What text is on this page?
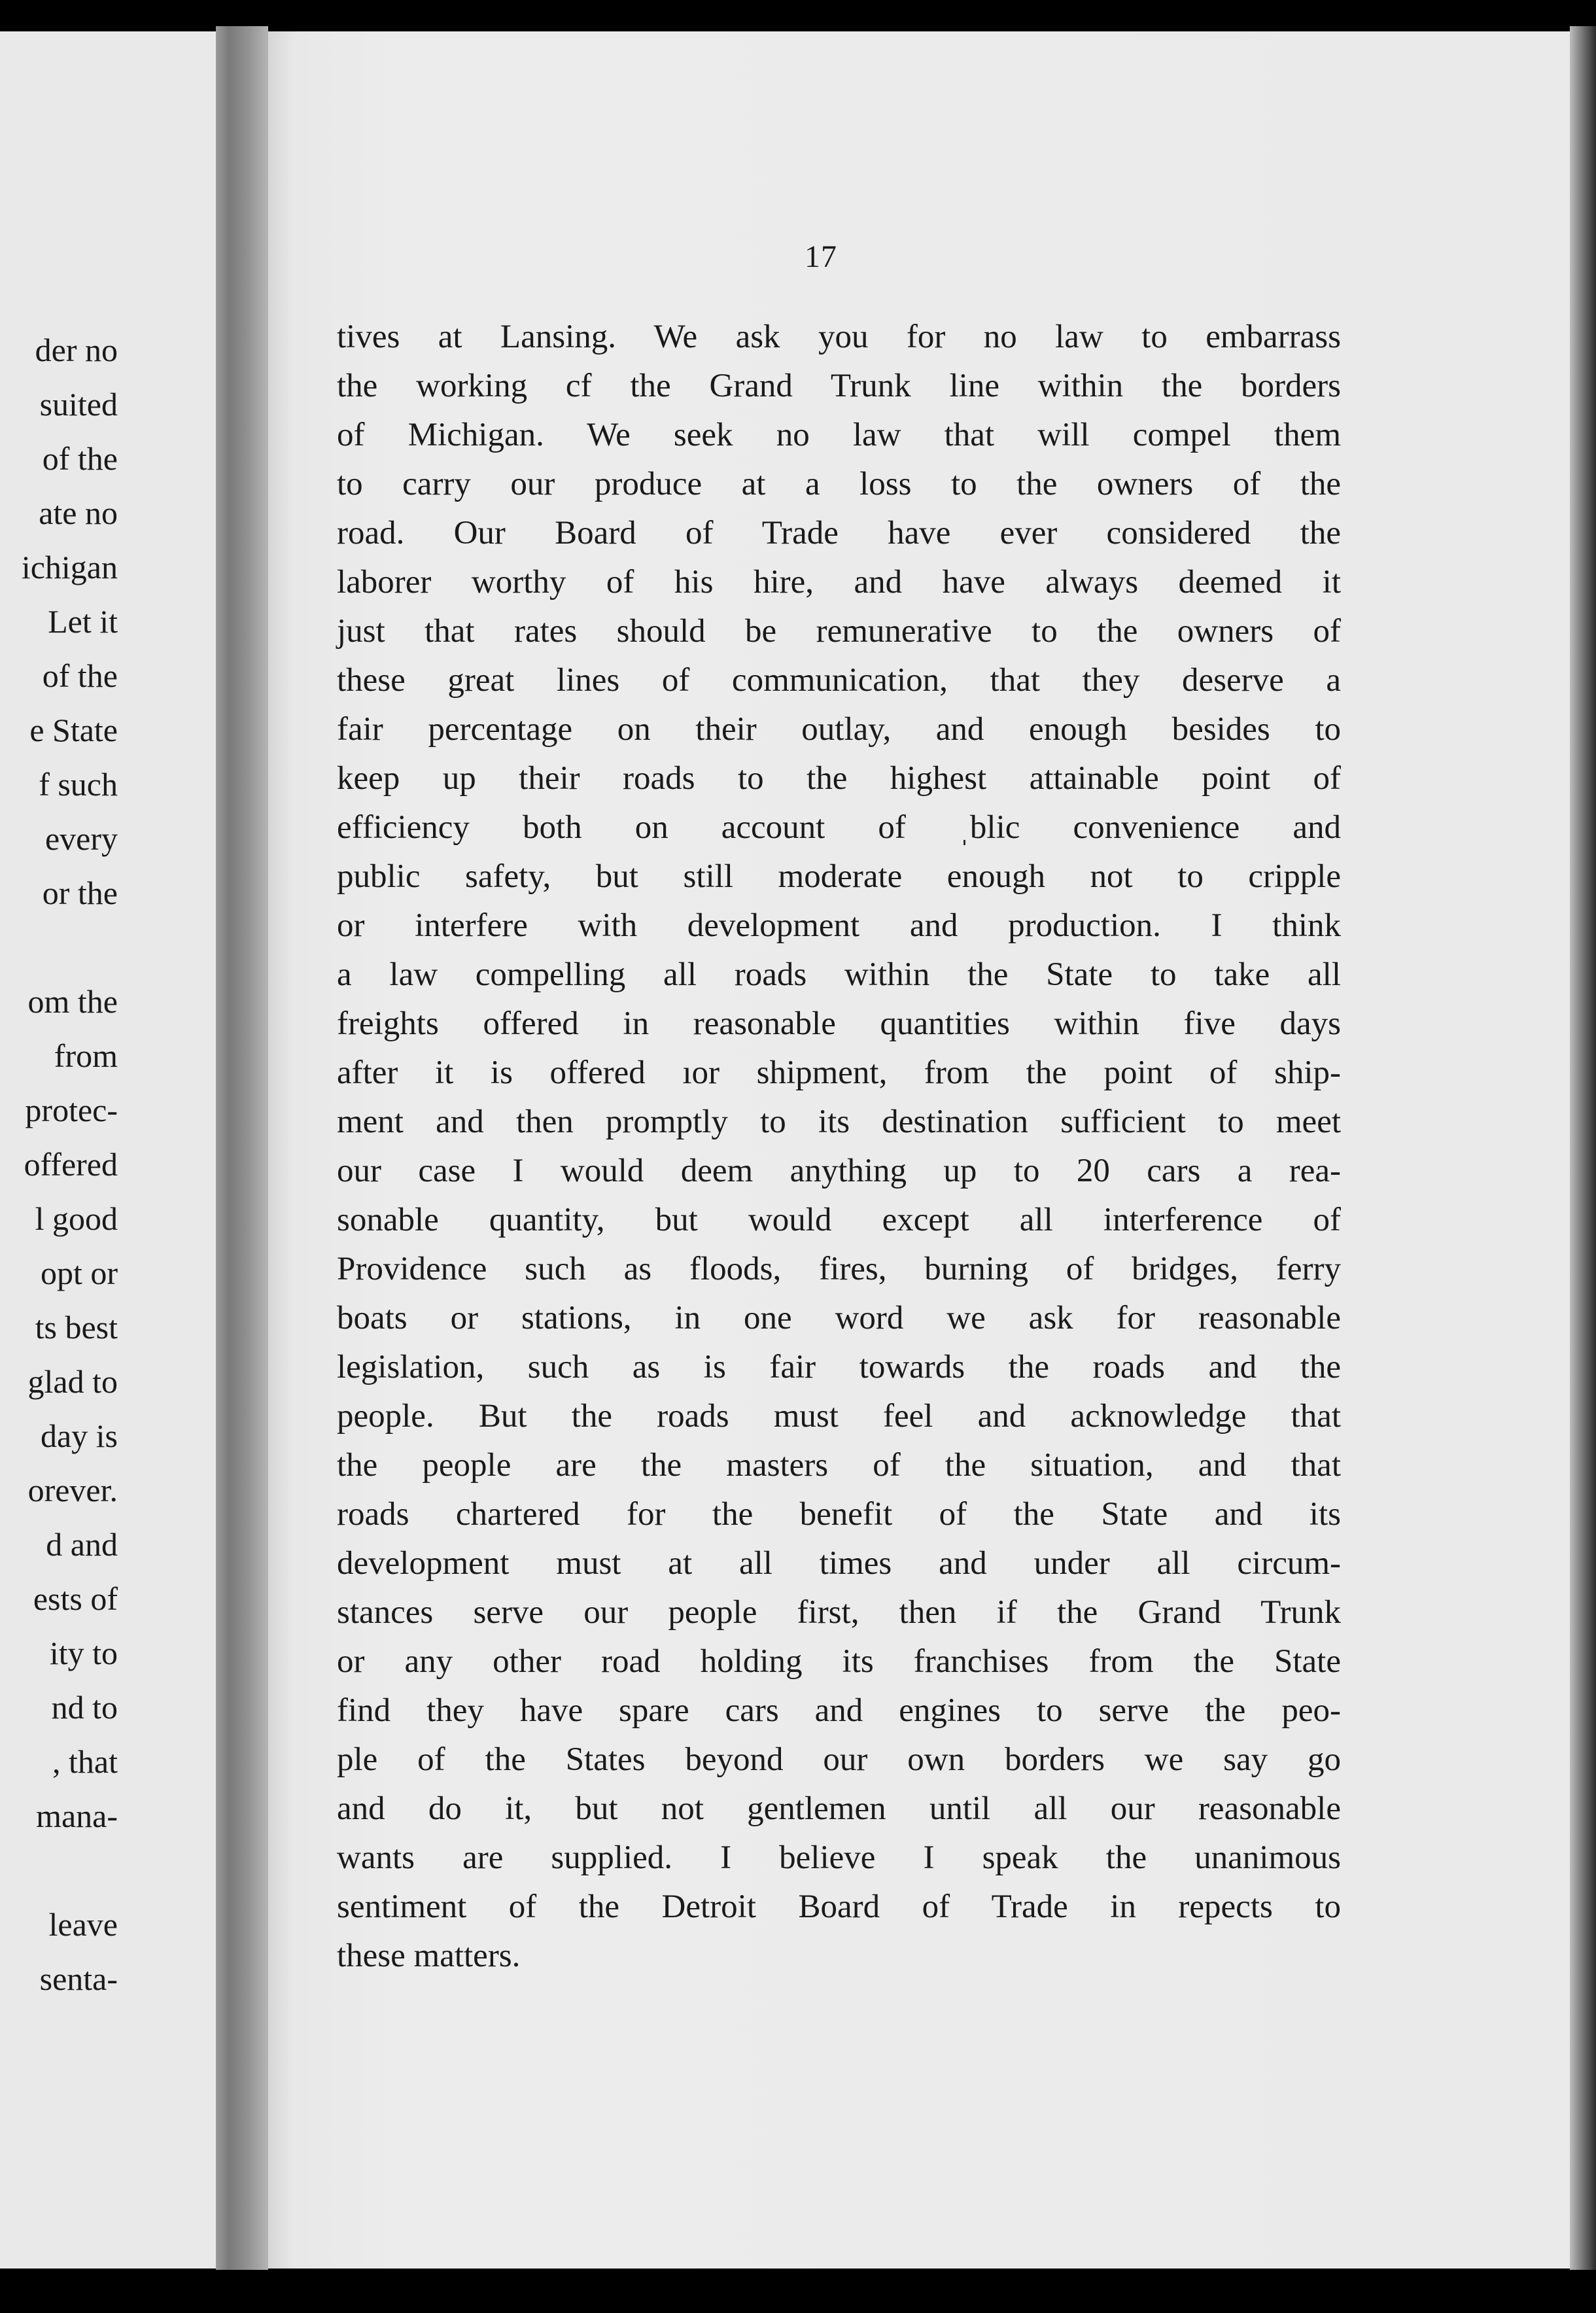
der no
suited
of the
ate no
ichigan
Let it
of the
e State
f such
every
or the
om the
from
protec-
offered
l good
opt or
ts best
glad to
day is
orever.
d and
ests of
ity to
nd to
, that
mana-
leave
senta-
17
tives at Lansing. We ask you for no law to embarrass
the working cf the Grand Trunk line within the borders
of Michigan. We seek no law that will compel them
to carry our produce at a loss to the owners of the
road. Our Board of Trade have ever considered the
laborer worthy of his hire, and have always deemed it
just that rates should be remunerative to the owners of
these great lines of communication, that they deserve a
fair percentage on their outlay, and enough besides to
keep up their roads to the highest attainable point of
efficiency both on account of ˌblic convenience and
public safety, but still moderate enough not to cripple
or interfere with development and production. I think
a law compelling all roads within the State to take all
freights offered in reasonable quantities within five days
after it is offered ıor shipment, from the point of ship-
ment and then promptly to its destination sufficient to meet
our case I would deem anything up to 20 cars a rea-
sonable quantity, but would except all interference of
Providence such as floods, fires, burning of bridges, ferry
boats or stations, in one word we ask for reasonable
legislation, such as is fair towards the roads and the
people. But the roads must feel and acknowledge that
the people are the masters of the situation, and that
roads chartered for the benefit of the State and its
development must at all times and under all circum-
stances serve our people first, then if the Grand Trunk
or any other road holding its franchises from the State
find they have spare cars and engines to serve the peo-
ple of the States beyond our own borders we say go
and do it, but not gentlemen until all our reasonable
wants are supplied. I believe I speak the unanimous
sentiment of the Detroit Board of Trade in repects to
these matters.
